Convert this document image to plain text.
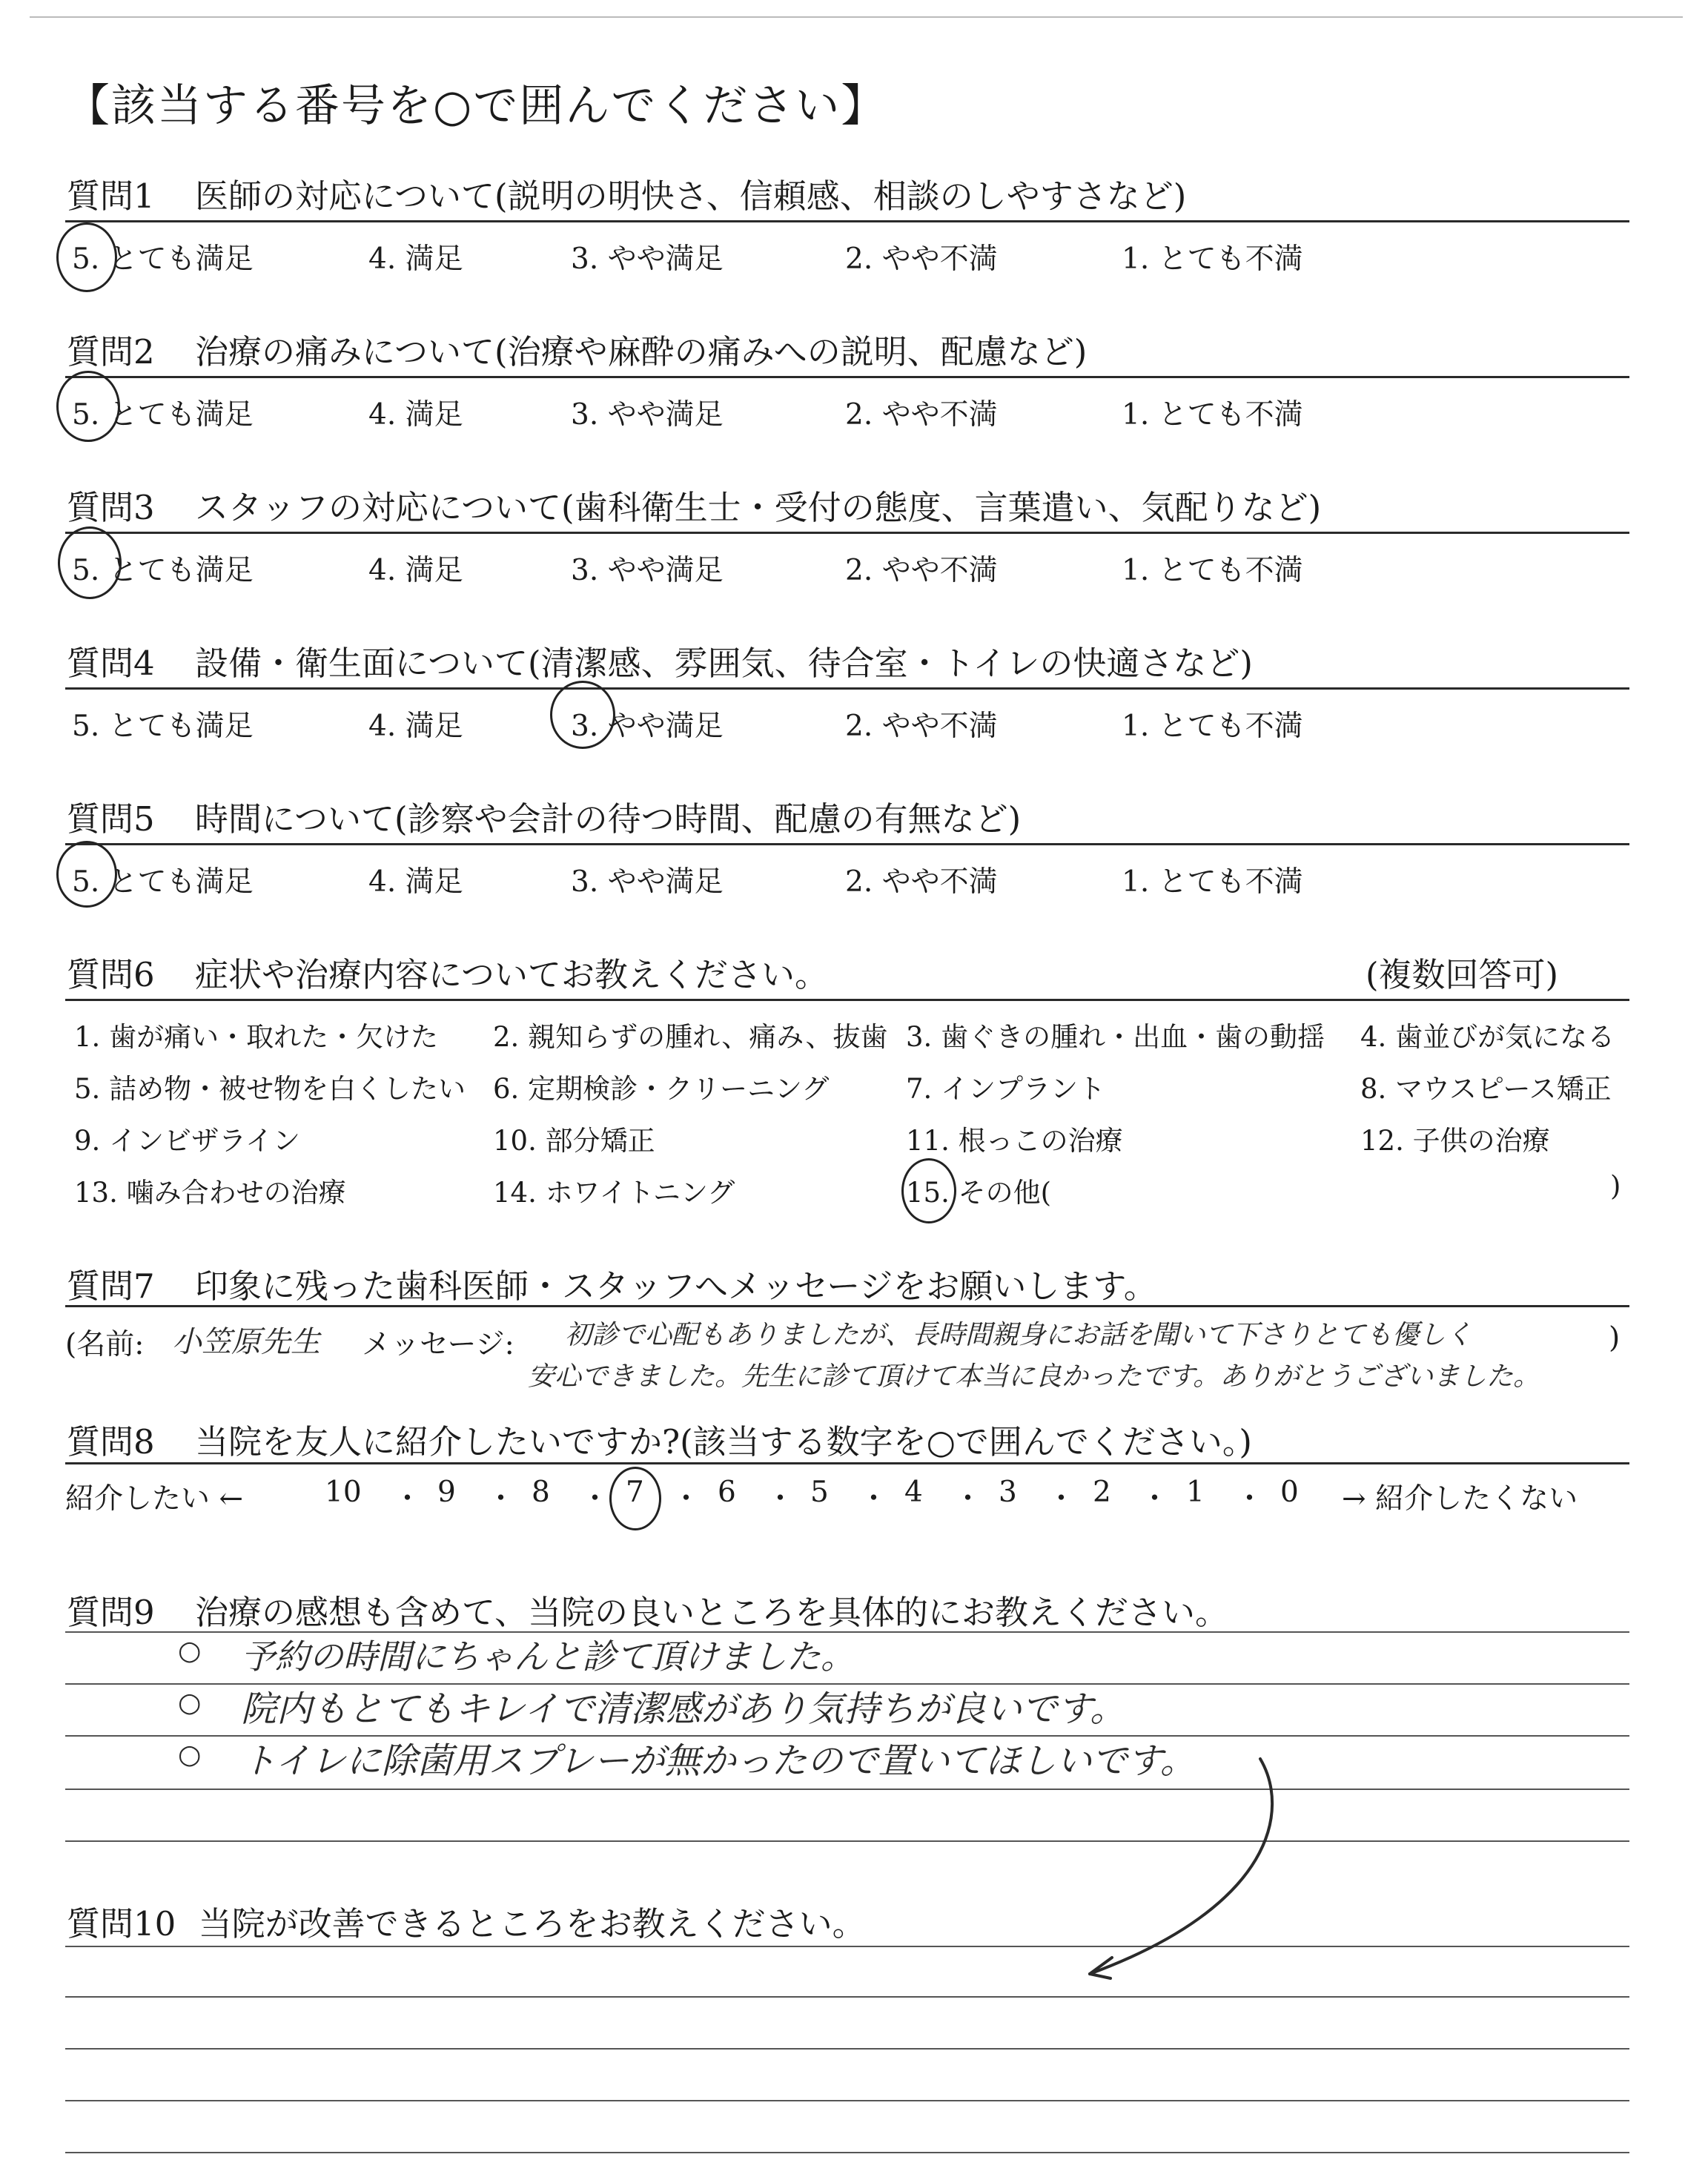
【該当する番号を○で囲んでください】
質問1 医師の対応について(説明の明快さ、信頼感、相談のしやすさなど)
5. とても満足	4. 満足	3. やや満足	2. やや不満	1. とても不満
質問2 治療の痛みについて(治療や麻酔の痛みへの説明、配慮など)
5. とても満足	4. 満足	3. やや満足	2. やや不満	1. とても不満
質問3 スタッフの対応について(歯科衛生士・受付の態度、言葉遣い、気配りなど)
5. とても満足	4. 満足	3. やや満足	2. やや不満	1. とても不満
質問4 設備・衛生面について(清潔感、雰囲気、待合室・トイレの快適さなど)
5. とても満足	4. 満足	3. やや満足	2. やや不満	1. とても不満
質問5 時間について(診察や会計の待つ時間、配慮の有無など)
5. とても満足	4. 満足	3. やや満足	2. やや不満	1. とても不満
質問6 症状や治療内容についてお教えください。	(複数回答可)
1. 歯が痛い・取れた・欠けた 2. 親知らずの腫れ、痛み、抜歯 3. 歯ぐきの腫れ・出血・歯の動揺 4. 歯並びが気になる
5. 詰め物・被せ物を白くしたい 6. 定期検診・クリーニング	7. インプラント	8. マウスピース矯正
9. インビザライン	10. 部分矯正	11. 根っこの治療	12. 子供の治療
13. 噛み合わせの治療	14. ホワイトニング	15. その他(	)
質問7 印象に残った歯科医師・スタッフへメッセージをお願いします。
(名前: 小笠原先生 メッセージ: 初診で心配もありましたが、長時間親身にお話を聞いて下さりとても優しく	)
安心できました。先生に診て頂けて本当に良かったです。ありがとうございました。
質問8 当院を友人に紹介したいですか?(該当する数字を○で囲んでください。)
紹介したい ←	→ 紹介したくない
10 ・ 9 ・ 8 ・ 7 ・ 6 ・ 5 ・ 4 ・ 3 ・ 2 ・ 1 ・ 0
質問9 治療の感想も含めて、当院の良いところを具体的にお教えください。
○ 予約の時間にちゃんと診て頂けました。
○ 院内もとてもキレイで清潔感があり気持ちが良いです。
○ トイレに除菌用スプレーが無かったので置いてほしいです。
質問10 当院が改善できるところをお教えください。
